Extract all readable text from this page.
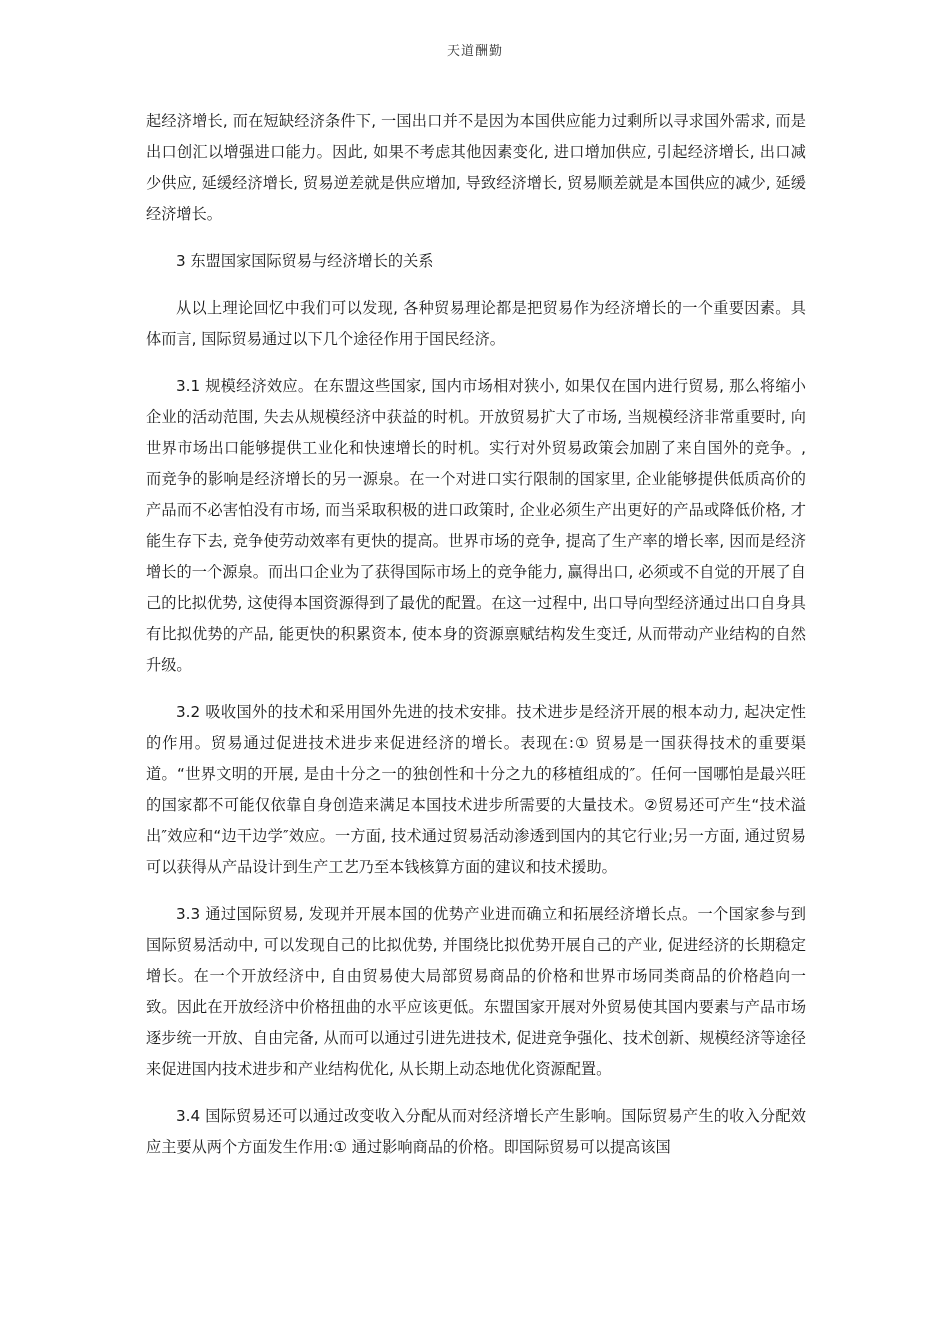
天道酬勤

起经济增长, 而在短缺经济条件下, 一国出口并不是因为本国供应能力过剩所以寻求国外需求, 而是出口创汇以增强进口能力。因此, 如果不考虑其他因素变化, 进口增加供应, 引起经济增长, 出口减少供应, 延缓经济增长, 贸易逆差就是供应增加, 导致经济增长, 贸易顺差就是本国供应的减少, 延缓经济增长。

3 东盟国家国际贸易与经济增长的关系

从以上理论回忆中我们可以发现, 各种贸易理论都是把贸易作为经济增长的一个重要因素。具体而言, 国际贸易通过以下几个途径作用于国民经济。

3.1 规模经济效应。在东盟这些国家, 国内市场相对狭小, 如果仅在国内进行贸易, 那么将缩小企业的活动范围, 失去从规模经济中获益的时机。开放贸易扩大了市场, 当规模经济非常重要时, 向世界市场出口能够提供工业化和快速增长的时机。实行对外贸易政策会加剧了来自国外的竞争。, 而竞争的影响是经济增长的另一源泉。在一个对进口实行限制的国家里, 企业能够提供低质高价的产品而不必害怕没有市场, 而当采取积极的进口政策时, 企业必须生产出更好的产品或降低价格, 才能生存下去, 竞争使劳动效率有更快的提高。世界市场的竞争, 提高了生产率的增长率, 因而是经济增长的一个源泉。而出口企业为了获得国际市场上的竞争能力, 赢得出口, 必须或不自觉的开展了自己的比拟优势, 这使得本国资源得到了最优的配置。在这一过程中, 出口导向型经济通过出口自身具有比拟优势的产品, 能更快的积累资本, 使本身的资源禀赋结构发生变迁, 从而带动产业结构的自然升级。

3.2 吸收国外的技术和采用国外先进的技术安排。技术进步是经济开展的根本动力, 起决定性的作用。贸易通过促进技术进步来促进经济的增长。表现在:① 贸易是一国获得技术的重要渠道。“世界文明的开展, 是由十分之一的独创性和十分之九的移植组成的″。任何一国哪怕是最兴旺的国家都不可能仅依靠自身创造来满足本国技术进步所需要的大量技术。②贸易还可产生“技术溢出″效应和“边干边学″效应。一方面, 技术通过贸易活动渗透到国内的其它行业;另一方面, 通过贸易可以获得从产品设计到生产工艺乃至本钱核算方面的建议和技术援助。

3.3 通过国际贸易, 发现并开展本国的优势产业进而确立和拓展经济增长点。一个国家参与到国际贸易活动中, 可以发现自己的比拟优势, 并围绕比拟优势开展自己的产业, 促进经济的长期稳定增长。在一个开放经济中, 自由贸易使大局部贸易商品的价格和世界市场同类商品的价格趋向一致。因此在开放经济中价格扭曲的水平应该更低。东盟国家开展对外贸易使其国内要素与产品市场逐步统一开放、自由完备, 从而可以通过引进先进技术, 促进竞争强化、技术创新、规模经济等途径来促进国内技术进步和产业结构优化, 从长期上动态地优化资源配置。

3.4 国际贸易还可以通过改变收入分配从而对经济增长产生影响。国际贸易产生的收入分配效应主要从两个方面发生作用:① 通过影响商品的价格。即国际贸易可以提高该国
